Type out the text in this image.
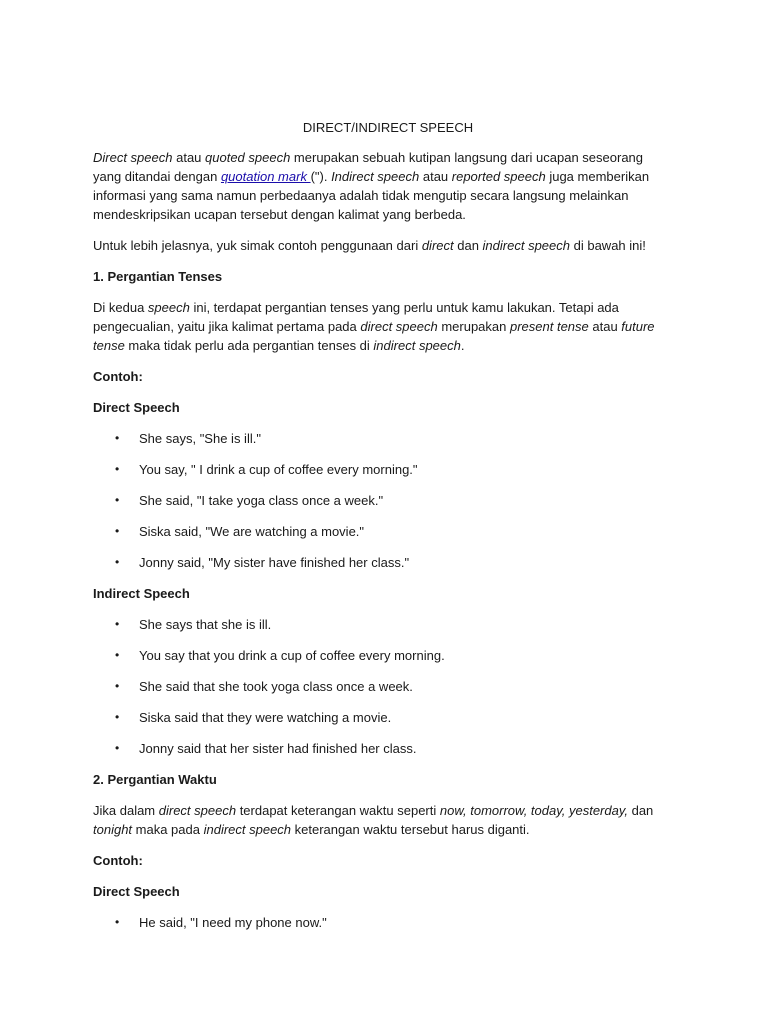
DIRECT/INDIRECT SPEECH

Direct speech atau quoted speech merupakan sebuah kutipan langsung dari ucapan seseorang yang ditandai dengan quotation mark ("). Indirect speech atau reported speech juga memberikan informasi yang sama namun perbedaanya adalah tidak mengutip secara langsung melainkan mendeskripsikan ucapan tersebut dengan kalimat yang berbeda.

Untuk lebih jelasnya, yuk simak contoh penggunaan dari direct dan indirect speech di bawah ini!

1. Pergantian Tenses

Di kedua speech ini, terdapat pergantian tenses yang perlu untuk kamu lakukan. Tetapi ada pengecualian, yaitu jika kalimat pertama pada direct speech merupakan present tense atau future tense maka tidak perlu ada pergantian tenses di indirect speech.

Contoh:
Direct Speech
• She says, "She is ill."
• You say, " I drink a cup of coffee every morning."
• She said, "I take yoga class once a week."
• Siska said, "We are watching a movie."
• Jonny said, "My sister have finished her class."
Indirect Speech
• She says that she is ill.
• You say that you drink a cup of coffee every morning.
• She said that she took yoga class once a week.
• Siska said that they were watching a movie.
• Jonny said that her sister had finished her class.
2. Pergantian Waktu

Jika dalam direct speech terdapat keterangan waktu seperti now, tomorrow, today, yesterday, dan tonight maka pada indirect speech keterangan waktu tersebut harus diganti.

Contoh:
Direct Speech
• He said, "I need my phone now."
